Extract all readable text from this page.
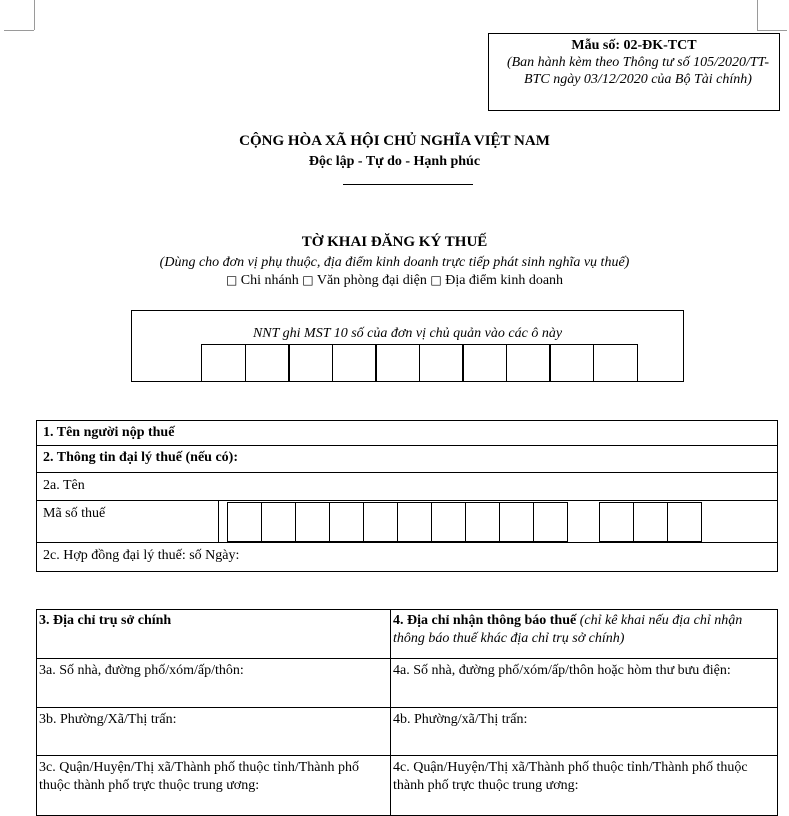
Mẫu số: 02-ĐK-TCT
(Ban hành kèm theo Thông tư số 105/2020/TT-BTC ngày 03/12/2020 của Bộ Tài chính)
CỘNG HÒA XÃ HỘI CHỦ NGHĨA VIỆT NAM
Độc lập - Tự do - Hạnh phúc
TỜ KHAI ĐĂNG KÝ THUẾ
(Dùng cho đơn vị phụ thuộc, địa điểm kinh doanh trực tiếp phát sinh nghĩa vụ thuế)
□ Chi nhánh □ Văn phòng đại diện □ Địa điểm kinh doanh
NNT ghi MST 10 số của đơn vị chủ quản vào các ô này
1. Tên người nộp thuế
2. Thông tin đại lý thuế (nếu có):
2a. Tên
Mã số thuế

2c. Hợp đồng đại lý thuế: số Ngày:
3. Địa chỉ trụ sở chính	4. Địa chỉ nhận thông báo thuế (chỉ kê khai nếu địa chỉ nhận thông báo thuế khác địa chỉ trụ sở chính)
3a. Số nhà, đường phố/xóm/ấp/thôn:	4a. Số nhà, đường phố/xóm/ấp/thôn hoặc hòm thư bưu điện:
3b. Phường/Xã/Thị trấn:	4b. Phường/xã/Thị trấn:
3c. Quận/Huyện/Thị xã/Thành phố thuộc tỉnh/Thành phố thuộc thành phố trực thuộc trung ương:	4c. Quận/Huyện/Thị xã/Thành phố thuộc tỉnh/Thành phố thuộc thành phố trực thuộc trung ương:
